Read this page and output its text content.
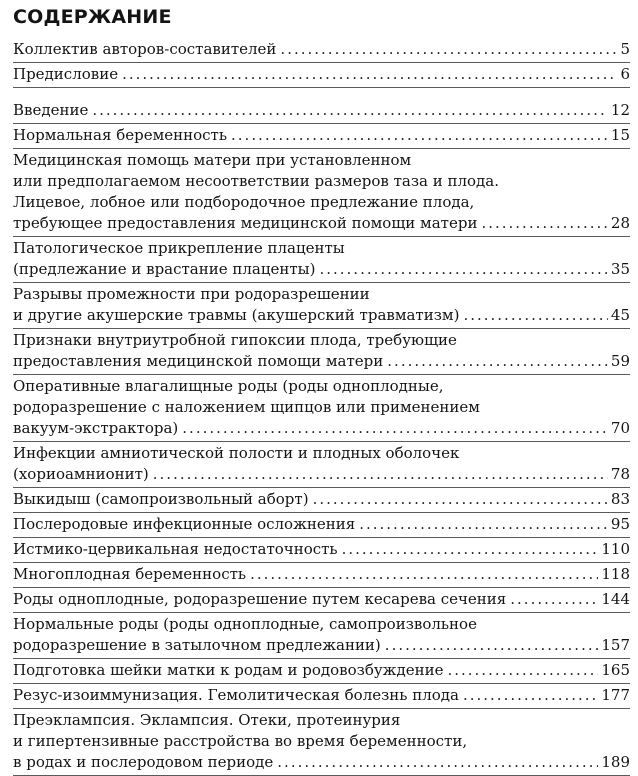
СОДЕРЖАНИЕ
Коллектив авторов-составителей .....	5
Предисловие .....	6
Введение .....	12
Нормальная беременность .....	15
Медицинская помощь матери при установленном
или предполагаемом несоответствии размеров таза и плода.
Лицевое, лобное или подбородочное предлежание плода,
требующее предоставления медицинской помощи матери .....	28
Патологическое прикрепление плаценты
(предлежание и врастание плаценты) .....	35
Разрывы промежности при родоразрешении
и другие акушерские травмы (акушерский травматизм) .....	45
Признаки внутриутробной гипоксии плода, требующие
предоставления медицинской помощи матери .....	59
Оперативные влагалищные роды (роды одноплодные,
родоразрешение с наложением щипцов или применением
вакуум-экстрактора) .....	70
Инфекции амниотической полости и плодных оболочек
(хориоамнионит) .....	78
Выкидыш (самопроизвольный аборт) .....	83
Послеродовые инфекционные осложнения .....	95
Истмико-цервикальная недостаточность .....	110
Многоплодная беременность .....	118
Роды одноплодные, родоразрешение путем кесарева сечения .....	144
Нормальные роды (роды одноплодные, самопроизвольное
родоразрешение в затылочном предлежании) .....	157
Подготовка шейки матки к родам и родовозбуждение .....	165
Резус-изоиммунизация. Гемолитическая болезнь плода .....	177
Преэклампсия. Эклампсия. Отеки, протеинурия
и гипертензивные расстройства во время беременности,
в родах и послеродовом периоде .....	189
